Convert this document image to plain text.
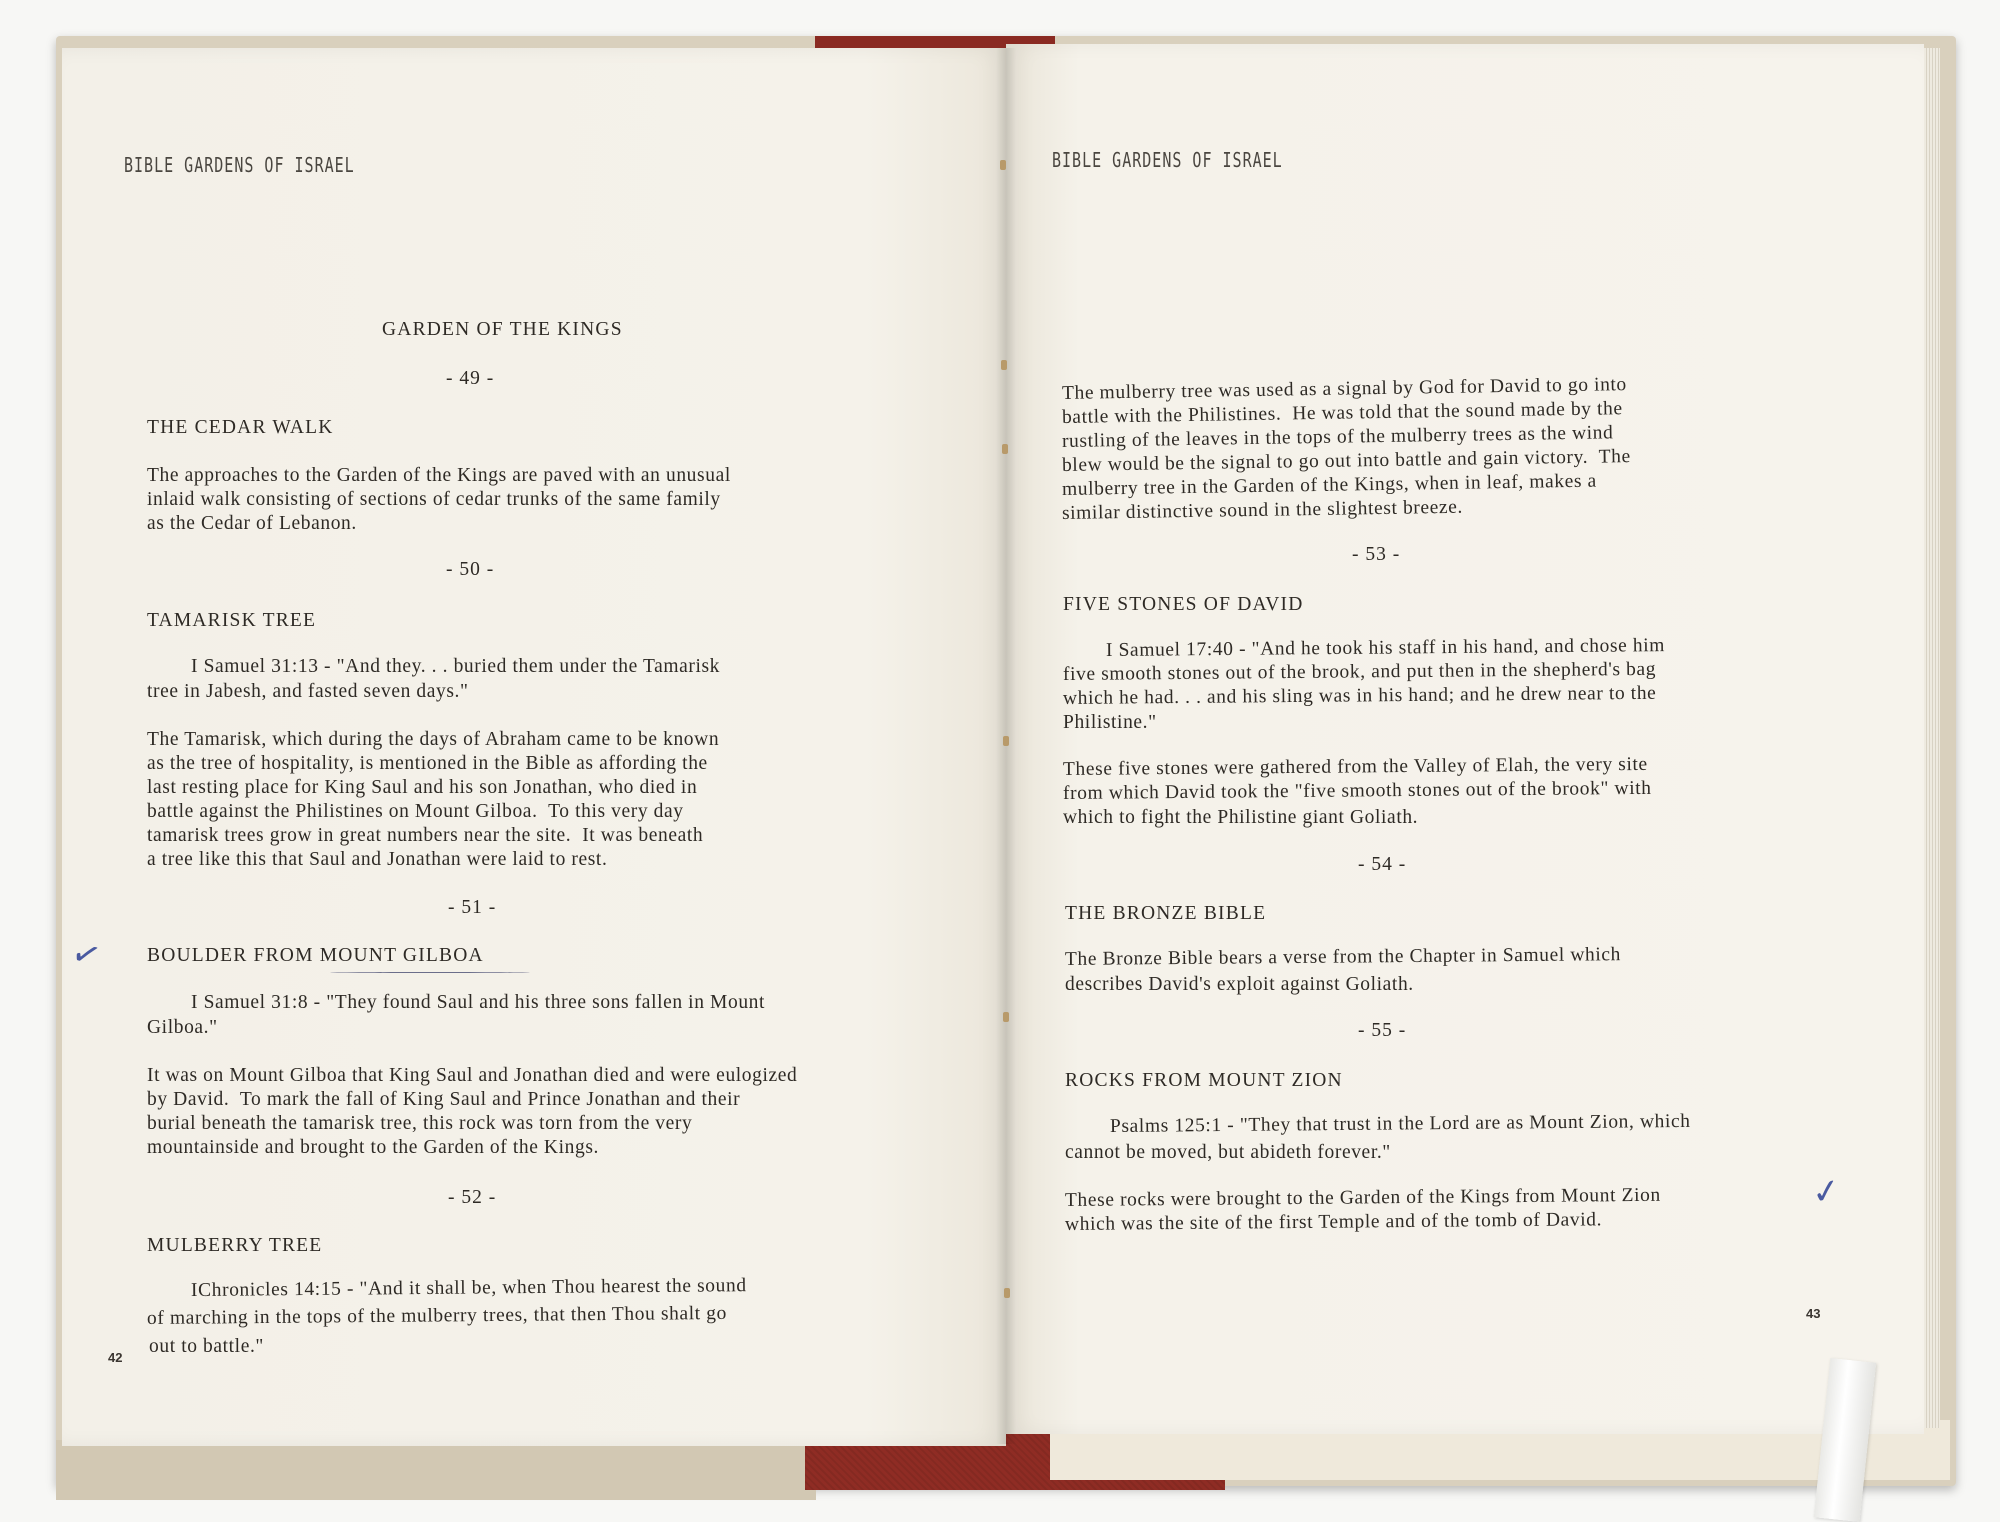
BIBLE GARDENS OF ISRAEL	BIBLE GARDENS OF ISRAEL
GARDEN OF THE KINGS
- 49 -
THE CEDAR WALK
The approaches to the Garden of the Kings are paved with an unusual
inlaid walk consisting of sections of cedar trunks of the same family
as the Cedar of Lebanon.
- 50 -
TAMARISK TREE
I Samuel 31:13 - "And they. . . buried them under the Tamarisk
tree in Jabesh, and fasted seven days."
The Tamarisk, which during the days of Abraham came to be known
as the tree of hospitality, is mentioned in the Bible as affording the
last resting place for King Saul and his son Jonathan, who died in
battle against the Philistines on Mount Gilboa.  To this very day
tamarisk trees grow in great numbers near the site.  It was beneath
a tree like this that Saul and Jonathan were laid to rest.
- 51 -
BOULDER FROM MOUNT GILBOA
✓
I Samuel 31:8 - "They found Saul and his three sons fallen in Mount
Gilboa."
It was on Mount Gilboa that King Saul and Jonathan died and were eulogized
by David.  To mark the fall of King Saul and Prince Jonathan and their
burial beneath the tamarisk tree, this rock was torn from the very
mountainside and brought to the Garden of the Kings.
- 52 -
MULBERRY TREE
IChronicles 14:15 - "And it shall be, when Thou hearest the sound
of marching in the tops of the mulberry trees, that then Thou shalt go
out to battle."
42
The mulberry tree was used as a signal by God for David to go into
battle with the Philistines.  He was told that the sound made by the
rustling of the leaves in the tops of the mulberry trees as the wind
blew would be the signal to go out into battle and gain victory.  The
mulberry tree in the Garden of the Kings, when in leaf, makes a
similar distinctive sound in the slightest breeze.
- 53 -
FIVE STONES OF DAVID
I Samuel 17:40 - "And he took his staff in his hand, and chose him
five smooth stones out of the brook, and put then in the shepherd's bag
which he had. . . and his sling was in his hand; and he drew near to the
Philistine."
These five stones were gathered from the Valley of Elah, the very site
from which David took the "five smooth stones out of the brook" with
which to fight the Philistine giant Goliath.
- 54 -
THE BRONZE BIBLE
The Bronze Bible bears a verse from the Chapter in Samuel which
describes David's exploit against Goliath.
- 55 -
ROCKS FROM MOUNT ZION
Psalms 125:1 - "They that trust in the Lord are as Mount Zion, which
cannot be moved, but abideth forever."
These rocks were brought to the Garden of the Kings from Mount Zion
which was the site of the first Temple and of the tomb of David.
✓
43
